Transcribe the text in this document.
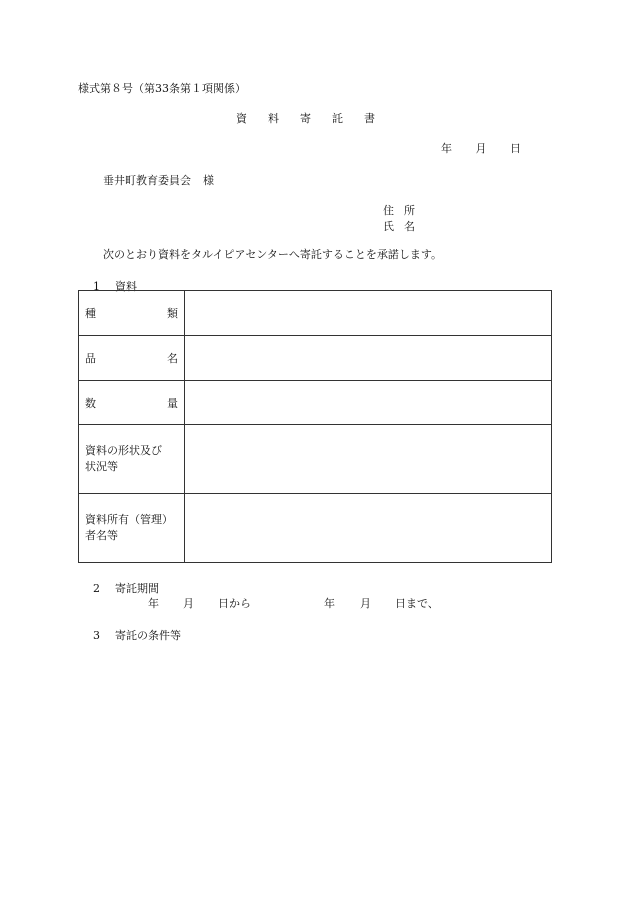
様式第８号（第33条第１項関係）
資 料 寄 託 書
年 月 日
垂井町教育委員会 様
住 所
氏 名
次のとおり資料をタルイピアセンターへ寄託することを承諾します。
1 資料
種 類	

品 名	

数 量	

資料の形状及び
状況等	

資料所有（管理）
者名等	

2 寄託期間
年 月 日から	年 月 日まで、
3 寄託の条件等
